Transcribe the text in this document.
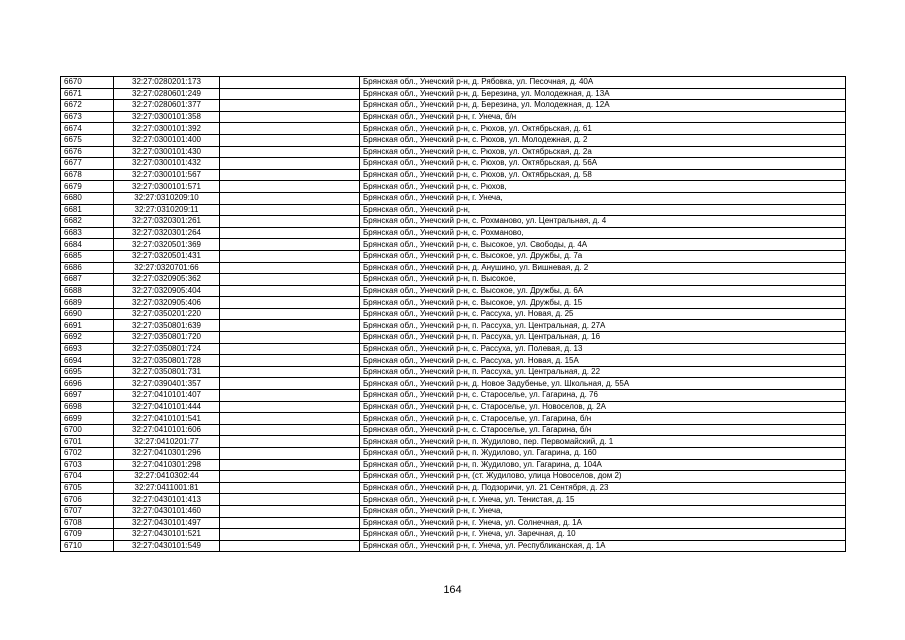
6670	32:27:0280201:173		Брянская обл., Унечский р-н, д. Рябовка, ул. Песочная, д. 40А
6671	32:27:0280601:249		Брянская обл., Унечский р-н, д. Березина, ул. Молодежная, д. 13А
6672	32:27:0280601:377		Брянская обл., Унечский р-н, д. Березина, ул. Молодежная, д. 12А
6673	32:27:0300101:358		Брянская обл., Унечский р-н, г. Унеча, б/н
6674	32:27:0300101:392		Брянская обл., Унечский р-н, с. Рюхов, ул. Октябрьская, д. 61
6675	32:27:0300101:400		Брянская обл., Унечский р-н, с. Рюхов, ул. Молодежная, д. 2
6676	32:27:0300101:430		Брянская обл., Унечский р-н, с. Рюхов, ул. Октябрьская, д. 2а
6677	32:27:0300101:432		Брянская обл., Унечский р-н, с. Рюхов, ул. Октябрьская, д. 56А
6678	32:27:0300101:567		Брянская обл., Унечский р-н, с. Рюхов, ул. Октябрьская, д. 58
6679	32:27:0300101:571		Брянская обл., Унечский р-н, с. Рюхов,
6680	32:27:0310209:10		Брянская обл., Унечский р-н, г. Унеча,
6681	32:27:0310209:11		Брянская обл., Унечский р-н,
6682	32:27:0320301:261		Брянская обл., Унечский р-н, с. Рохманово, ул. Центральная, д. 4
6683	32:27:0320301:264		Брянская обл., Унечский р-н, с. Рохманово,
6684	32:27:0320501:369		Брянская обл., Унечский р-н, с. Высокое, ул. Свободы, д. 4А
6685	32:27:0320501:431		Брянская обл., Унечский р-н, с. Высокое, ул. Дружбы, д. 7а
6686	32:27:0320701:66		Брянская обл., Унечский р-н, д. Анушино, ул. Вишневая, д. 2
6687	32:27:0320905:362		Брянская обл., Унечский р-н, п. Высокое,
6688	32:27:0320905:404		Брянская обл., Унечский р-н, с. Высокое, ул. Дружбы, д. 6А
6689	32:27:0320905:406		Брянская обл., Унечский р-н, с. Высокое, ул. Дружбы, д. 15
6690	32:27:0350201:220		Брянская обл., Унечский р-н, с. Рассуха, ул. Новая, д. 25
6691	32:27:0350801:639		Брянская обл., Унечский р-н, п. Рассуха, ул. Центральная, д. 27А
6692	32:27:0350801:720		Брянская обл., Унечский р-н, п. Рассуха, ул. Центральная, д. 16
6693	32:27:0350801:724		Брянская обл., Унечский р-н, с. Рассуха, ул. Полевая, д. 13
6694	32:27:0350801:728		Брянская обл., Унечский р-н, с. Рассуха, ул. Новая, д. 15А
6695	32:27:0350801:731		Брянская обл., Унечский р-н, п. Рассуха, ул. Центральная, д. 22
6696	32:27:0390401:357		Брянская обл., Унечский р-н, д. Новое Задубенье, ул. Школьная, д. 55А
6697	32:27:0410101:407		Брянская обл., Унечский р-н, с. Староселье, ул. Гагарина, д. 76
6698	32:27:0410101:444		Брянская обл., Унечский р-н, с. Староселье, ул. Новоселов, д. 2А
6699	32:27:0410101:541		Брянская обл., Унечский р-н, с. Староселье, ул. Гагарина, б/н
6700	32:27:0410101:606		Брянская обл., Унечский р-н, с. Староселье, ул. Гагарина, б/н
6701	32:27:0410201:77		Брянская обл., Унечский р-н, п. Жудилово, пер. Первомайский, д. 1
6702	32:27:0410301:296		Брянская обл., Унечский р-н, п. Жудилово, ул. Гагарина, д. 160
6703	32:27:0410301:298		Брянская обл., Унечский р-н, п. Жудилово, ул. Гагарина, д. 104А
6704	32:27:0410302:44		Брянская обл., Унечский р-н, (ст. Жудилово, улица Новоселов, дом 2)
6705	32:27:0411001:81		Брянская обл., Унечский р-н, д. Подзоричи, ул. 21 Сентября, д. 23
6706	32:27:0430101:413		Брянская обл., Унечский р-н, г. Унеча, ул. Тенистая, д. 15
6707	32:27:0430101:460		Брянская обл., Унечский р-н, г. Унеча,
6708	32:27:0430101:497		Брянская обл., Унечский р-н, г. Унеча, ул. Солнечная, д. 1А
6709	32:27:0430101:521		Брянская обл., Унечский р-н, г. Унеча, ул. Заречная, д. 10
6710	32:27:0430101:549		Брянская обл., Унечский р-н, г. Унеча, ул. Республиканская, д. 1А
164
